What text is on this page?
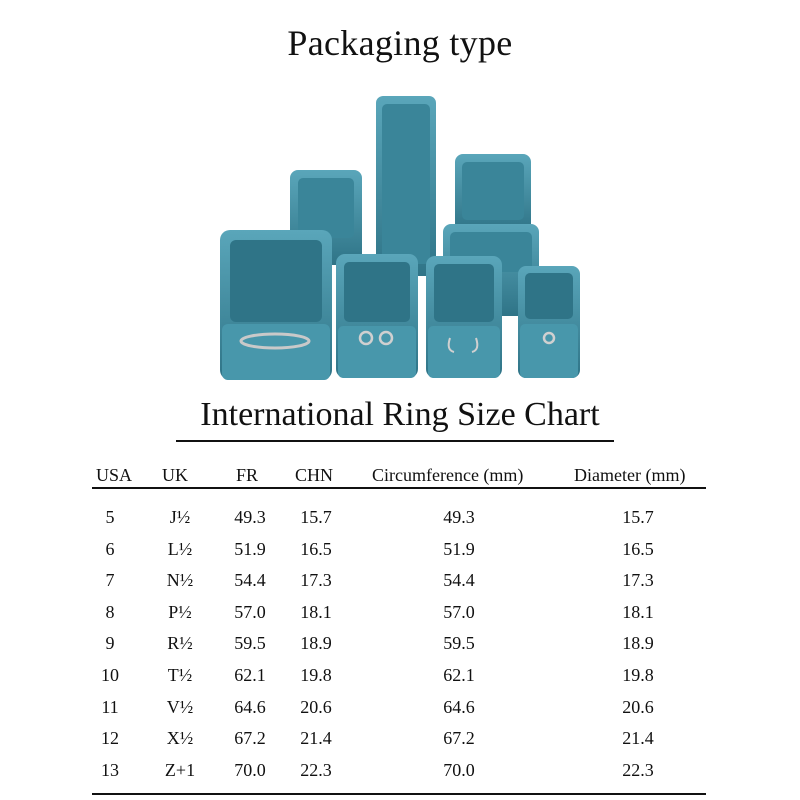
Packaging type
International Ring Size Chart
USA UK	FR CHN Circumference (mm)	Diameter (mm)
5	J½ 49.3 15.7	49.3	15.7
6	L½ 51.9 16.5	51.9	16.5
7	N½ 54.4 17.3	54.4	17.3
8	P½ 57.0 18.1	57.0	18.1
9	R½ 59.5 18.9	59.5	18.9
10	T½ 62.1 19.8	62.1	19.8
11	V½ 64.6 20.6	64.6	20.6
12	X½ 67.2 21.4	67.2	21.4
13	Z+1 70.0 22.3	70.0	22.3
